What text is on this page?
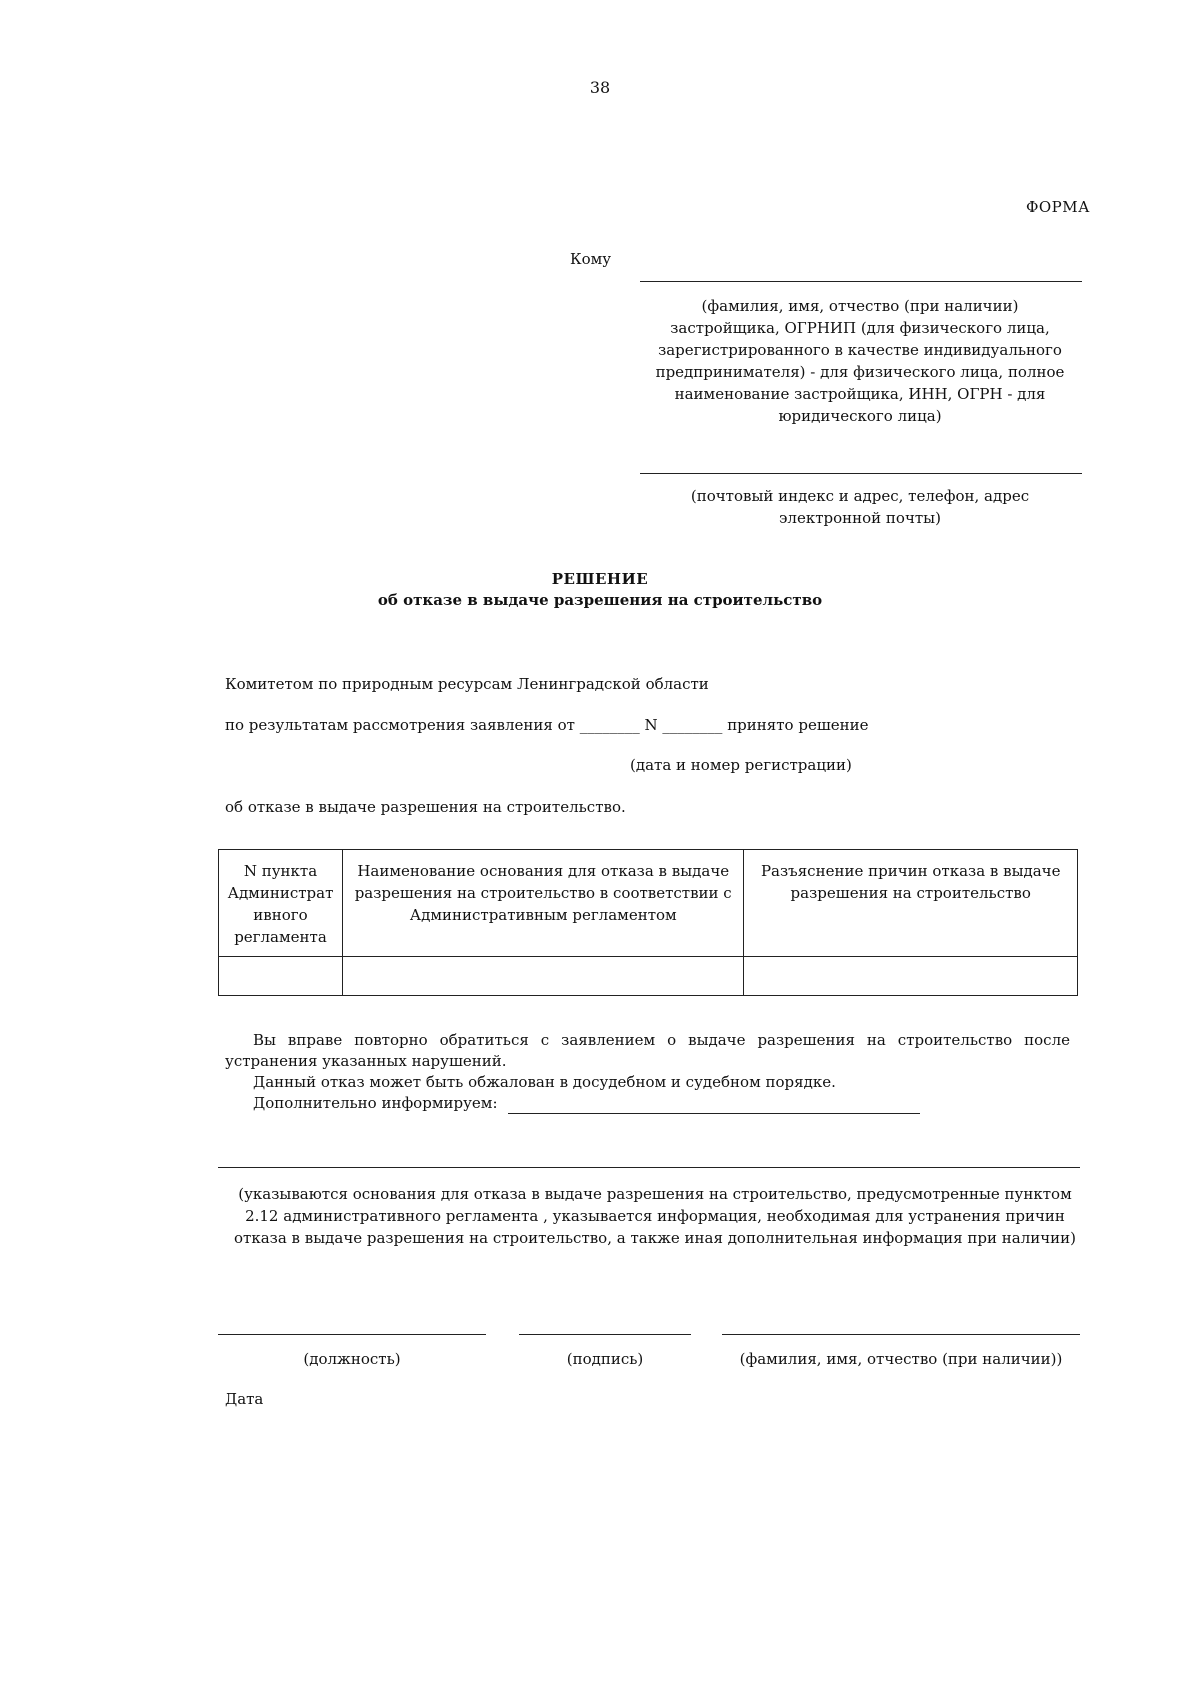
38
ФОРМА
Кому
(фамилия, имя, отчество (при наличии)
застройщика, ОГРНИП (для физического лица,
зарегистрированного в качестве индивидуального
предпринимателя) - для физического лица, полное
наименование застройщика, ИНН, ОГРН - для
юридического лица)
(почтовый индекс и адрес, телефон, адрес
электронной почты)
РЕШЕНИЕ
об отказе в выдаче разрешения на строительство
Комитетом по природным ресурсам Ленинградской области
по результатам рассмотрения заявления от ________ N ________ принято решение
(дата и номер регистрации)
об отказе в выдаче разрешения на строительство.
N пункта Администрат ивного регламента	Наименование основания для отказа в выдаче разрешения на строительство в соответствии с Административным регламентом	Разъяснение причин отказа в выдаче разрешения на строительство

Вы вправе повторно обратиться с заявлением о выдаче разрешения на строительство после устранения указанных нарушений.

Данный отказ может быть обжалован в досудебном и судебном порядке.

Дополнительно информируем:

(указываются основания для отказа в выдаче разрешения на строительство, предусмотренные пунктом
2.12 административного регламента , указывается информация, необходимая для устранения причин
отказа в выдаче разрешения на строительство, а также иная дополнительная информация при наличии)
(должность)	(подпись)	(фамилия, имя, отчество (при наличии))
Дата
